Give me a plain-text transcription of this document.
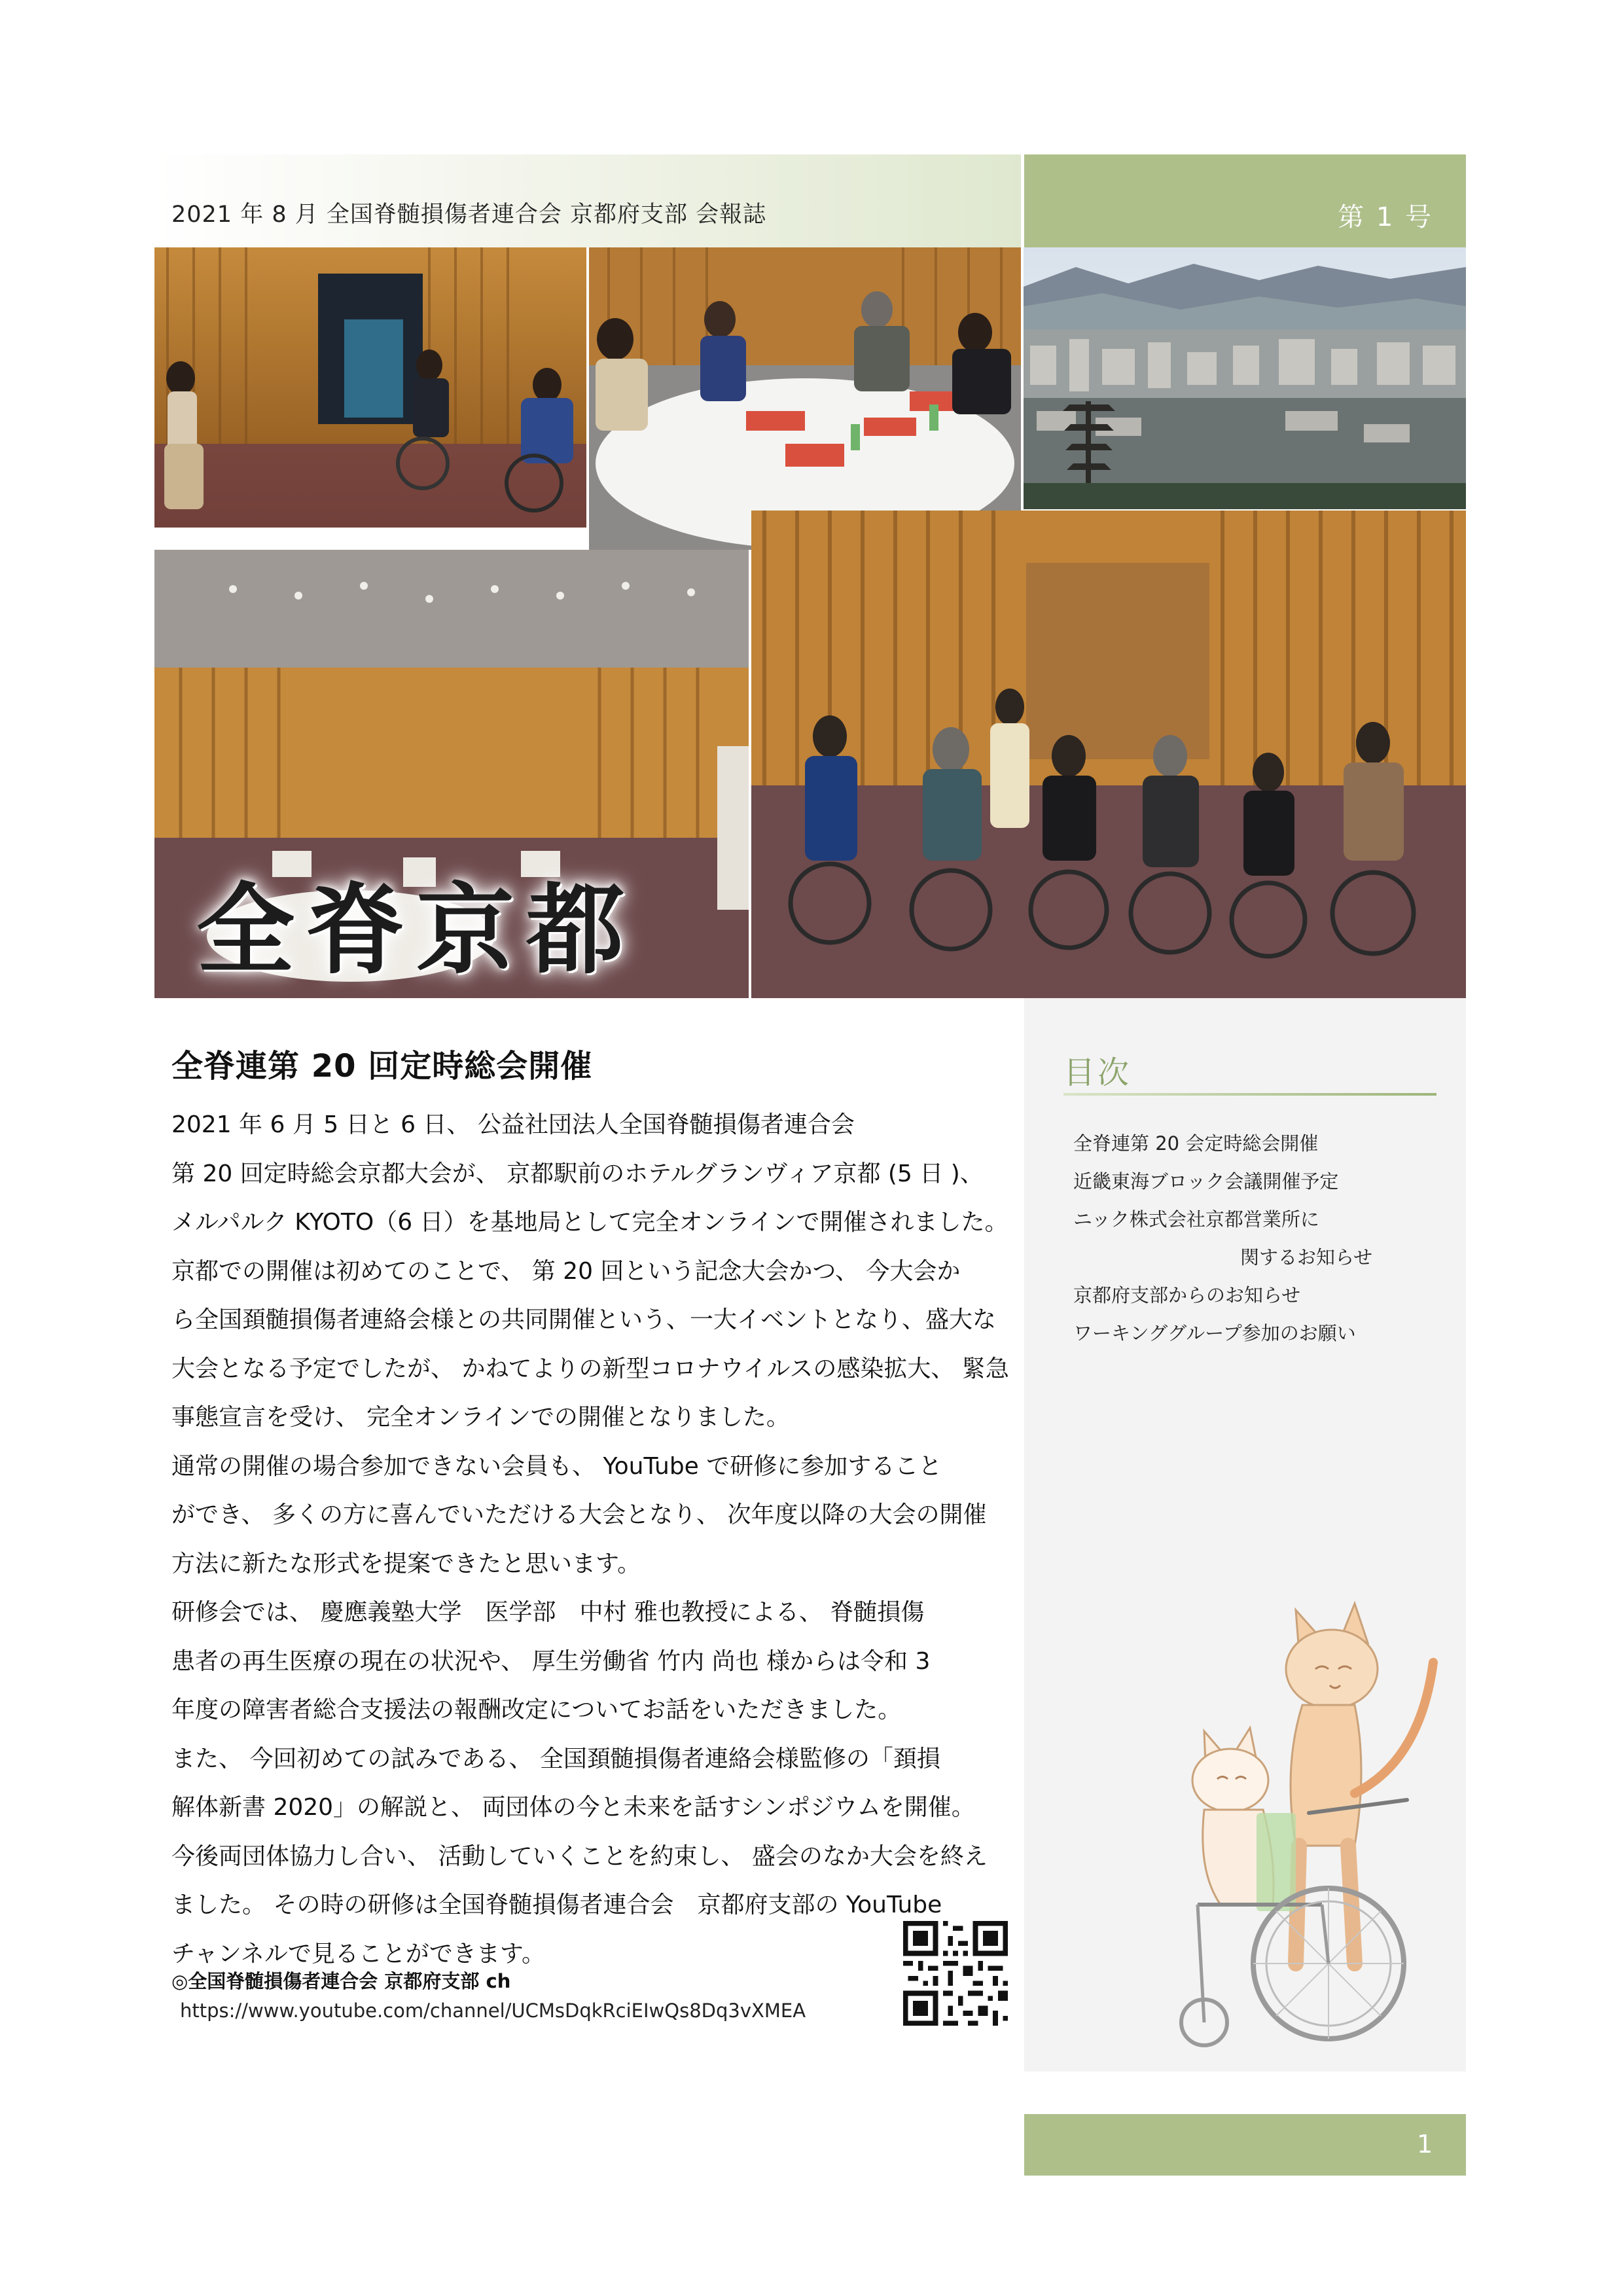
2021 年 8 月 全国脊髄損傷者連合会 京都府支部 会報誌	第 1 号
全脊京都
目次
全脊連第 20 会定時総会開催
近畿東海ブロック会議開催予定
ニック株式会社京都営業所に
関するお知らせ
京都府支部からのお知らせ
ワーキンググループ参加のお願い
1
全脊連第 20 回定時総会開催

2021 年 6 月 5 日と 6 日、 公益社団法人全国脊髄損傷者連合会

第 20 回定時総会京都大会が、 京都駅前のホテルグランヴィア京都 (5 日 )、

メルパルク KYOTO（6 日）を基地局として完全オンラインで開催されました。

京都での開催は初めてのことで、 第 20 回という記念大会かつ、 今大会か

ら全国頚髄損傷者連絡会様との共同開催という、一大イベントとなり、盛大な

大会となる予定でしたが、 かねてよりの新型コロナウイルスの感染拡大、 緊急

事態宣言を受け、 完全オンラインでの開催となりました。

通常の開催の場合参加できない会員も、 YouTube で研修に参加すること

ができ、 多くの方に喜んでいただける大会となり、 次年度以降の大会の開催

方法に新たな形式を提案できたと思います。

研修会では、 慶應義塾大学　医学部　中村 雅也教授による、 脊髄損傷

患者の再生医療の現在の状況や、 厚生労働省 竹内 尚也 様からは令和 3

年度の障害者総合支援法の報酬改定についてお話をいただきました。

また、 今回初めての試みである、 全国頚髄損傷者連絡会様監修の「頚損

解体新書 2020」の解説と、 両団体の今と未来を話すシンポジウムを開催。

今後両団体協力し合い、 活動していくことを約束し、 盛会のなか大会を終え

ました。 その時の研修は全国脊髄損傷者連合会　京都府支部の YouTube

チャンネルで見ることができます。

◎全国脊髄損傷者連合会 京都府支部 ch
https://www.youtube.com/channel/UCMsDqkRciEIwQs8Dq3vXMEA
